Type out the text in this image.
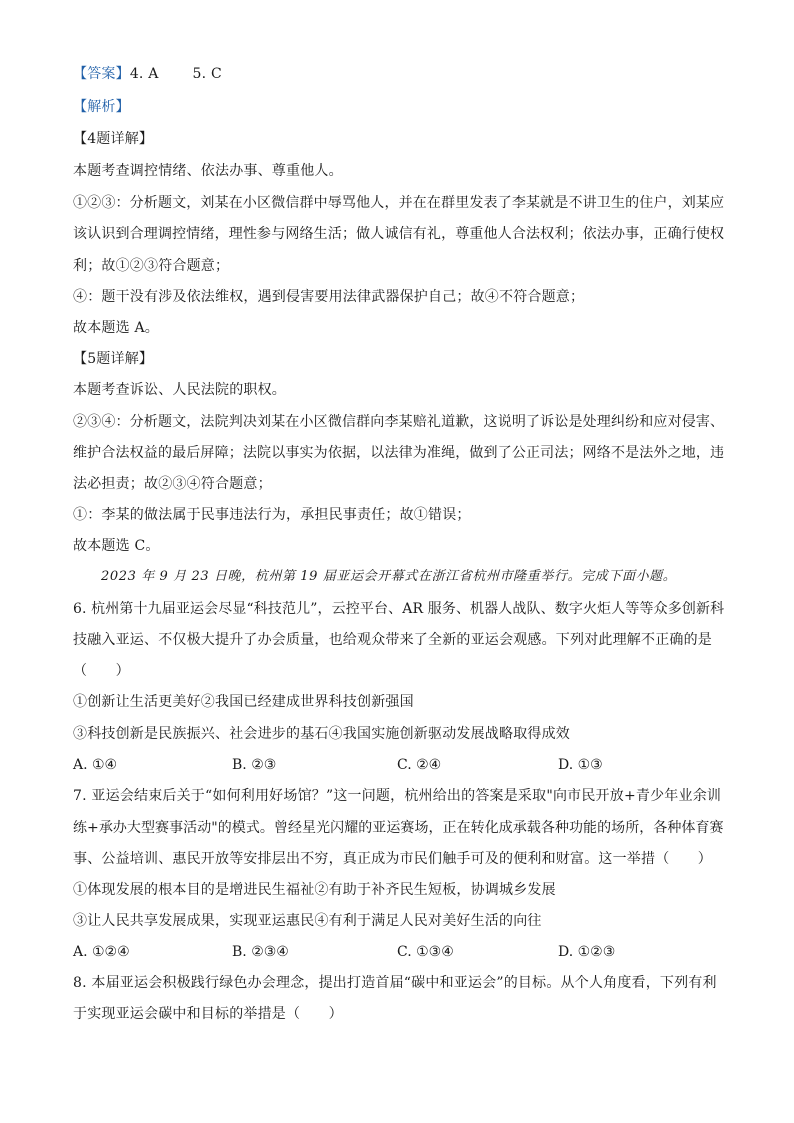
【答案】4. A 5. C
【解析】
【4题详解】
本题考查调控情绪、依法办事、尊重他人。
①②③：分析题文，刘某在小区微信群中辱骂他人，并在在群里发表了李某就是不讲卫生的住户，刘某应
该认识到合理调控情绪，理性参与网络生活；做人诚信有礼，尊重他人合法权利；依法办事，正确行使权
利；故①②③符合题意；
④：题干没有涉及依法维权，遇到侵害要用法律武器保护自己；故④不符合题意；
故本题选 A。
【5题详解】
本题考查诉讼、人民法院的职权。
②③④：分析题文，法院判决刘某在小区微信群向李某赔礼道歉，这说明了诉讼是处理纠纷和应对侵害、
维护合法权益的最后屏障；法院以事实为依据，以法律为准绳，做到了公正司法；网络不是法外之地，违
法必担责；故②③④符合题意；
①：李某的做法属于民事违法行为，承担民事责任；故①错误；
故本题选 C。
2023 年 9 月 23 日晚，杭州第 19 届亚运会开幕式在浙江省杭州市隆重举行。完成下面小题。
6. 杭州第十九届亚运会尽显“科技范儿”，云控平台、AR 服务、机器人战队、数字火炬人等等众多创新科
技融入亚运、不仅极大提升了办会质量，也给观众带来了全新的亚运会观感。下列对此理解不正确的是
（　　）
①创新让生活更美好②我国已经建成世界科技创新强国
③科技创新是民族振兴、社会进步的基石④我国实施创新驱动发展战略取得成效
A. ①④	B. ②③	C. ②④	D. ①③
7. 亚运会结束后关于“如何利用好场馆？”这一问题，杭州给出的答案是采取"向市民开放+青少年业余训
练+承办大型赛事活动"的模式。曾经星光闪耀的亚运赛场，正在转化成承载各种功能的场所，各种体育赛
事、公益培训、惠民开放等安排层出不穷，真正成为市民们触手可及的便利和财富。这一举措（　　）
①体现发展的根本目的是增进民生福祉②有助于补齐民生短板，协调城乡发展
③让人民共享发展成果，实现亚运惠民④有利于满足人民对美好生活的向往
A. ①②④	B. ②③④	C. ①③④	D. ①②③
8. 本届亚运会积极践行绿色办会理念，提出打造首届“碳中和亚运会”的目标。从个人角度看，下列有利
于实现亚运会碳中和目标的举措是（　　）
